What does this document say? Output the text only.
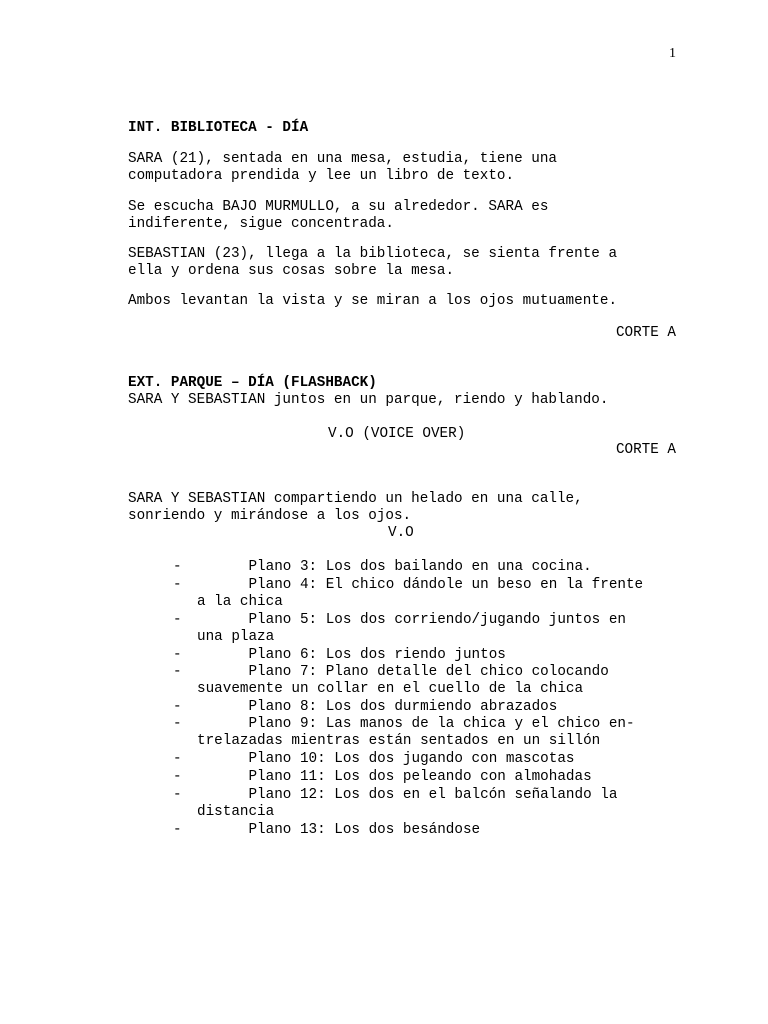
1
INT. BIBLIOTECA - DÍA
SARA (21), sentada en una mesa, estudia, tiene una
computadora prendida y lee un libro de texto.
Se escucha BAJO MURMULLO, a su alrededor. SARA es
indiferente, sigue concentrada.
SEBASTIAN (23), llega a la biblioteca, se sienta frente a
ella y ordena sus cosas sobre la mesa.
Ambos levantan la vista y se miran a los ojos mutuamente.
CORTE A
EXT. PARQUE – DÍA (FLASHBACK)
SARA Y SEBASTIAN juntos en un parque, riendo y hablando.
V.O (VOICE OVER)
CORTE A
SARA Y SEBASTIAN compartiendo un helado en una calle,
sonriendo y mirándose a los ojos.
V.O
- Plano 3: Los dos bailando en una cocina.
-	Plano 4: El chico dándole un beso en la frente
a la chica
-	Plano 5: Los dos corriendo/jugando juntos en
una plaza
- Plano 6: Los dos riendo juntos
-	Plano 7: Plano detalle del chico colocando
suavemente un collar en el cuello de la chica
- Plano 8: Los dos durmiendo abrazados
-	Plano 9: Las manos de la chica y el chico en-
trelazadas mientras están sentados en un sillón
- Plano 10: Los dos jugando con mascotas
- Plano 11: Los dos peleando con almohadas
-	Plano 12: Los dos en el balcón señalando la
distancia
- Plano 13: Los dos besándose
